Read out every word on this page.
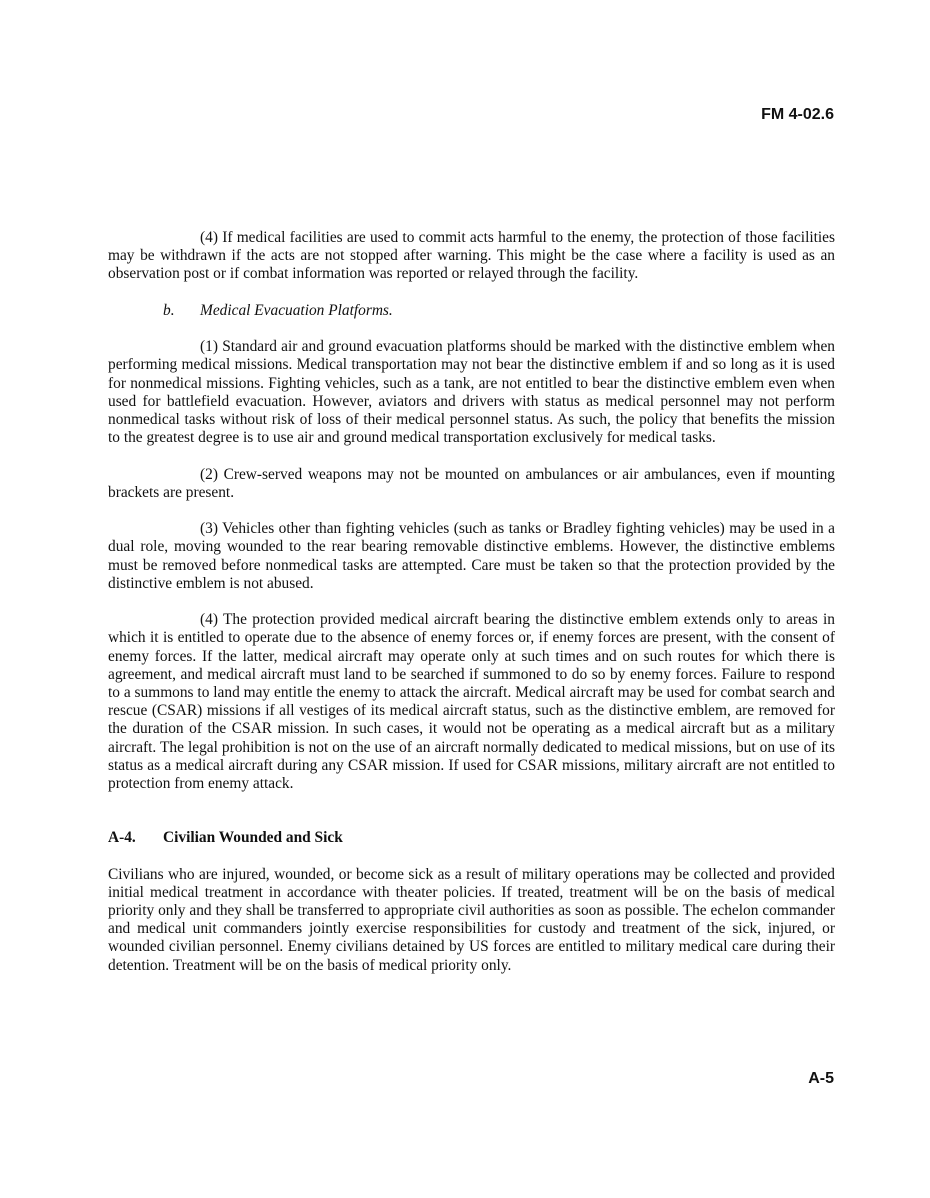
FM 4-02.6

(4) If medical facilities are used to commit acts harmful to the enemy, the protection of those facilities may be withdrawn if the acts are not stopped after warning. This might be the case where a facility is used as an observation post or if combat information was reported or relayed through the facility.

b. Medical Evacuation Platforms.

(1) Standard air and ground evacuation platforms should be marked with the distinctive emblem when performing medical missions. Medical transportation may not bear the distinctive emblem if and so long as it is used for nonmedical missions. Fighting vehicles, such as a tank, are not entitled to bear the distinctive emblem even when used for battlefield evacuation. However, aviators and drivers with status as medical personnel may not perform nonmedical tasks without risk of loss of their medical personnel status. As such, the policy that benefits the mission to the greatest degree is to use air and ground medical transportation exclusively for medical tasks.

(2) Crew-served weapons may not be mounted on ambulances or air ambulances, even if mounting brackets are present.

(3) Vehicles other than fighting vehicles (such as tanks or Bradley fighting vehicles) may be used in a dual role, moving wounded to the rear bearing removable distinctive emblems. However, the distinctive emblems must be removed before nonmedical tasks are attempted. Care must be taken so that the protection provided by the distinctive emblem is not abused.

(4) The protection provided medical aircraft bearing the distinctive emblem extends only to areas in which it is entitled to operate due to the absence of enemy forces or, if enemy forces are present, with the consent of enemy forces. If the latter, medical aircraft may operate only at such times and on such routes for which there is agreement, and medical aircraft must land to be searched if summoned to do so by enemy forces. Failure to respond to a summons to land may entitle the enemy to attack the aircraft. Medical aircraft may be used for combat search and rescue (CSAR) missions if all vestiges of its medical aircraft status, such as the distinctive emblem, are removed for the duration of the CSAR mission. In such cases, it would not be operating as a medical aircraft but as a military aircraft. The legal prohibition is not on the use of an aircraft normally dedicated to medical missions, but on use of its status as a medical aircraft during any CSAR mission. If used for CSAR missions, military aircraft are not entitled to protection from enemy attack.

A-4. Civilian Wounded and Sick

Civilians who are injured, wounded, or become sick as a result of military operations may be collected and provided initial medical treatment in accordance with theater policies. If treated, treatment will be on the basis of medical priority only and they shall be transferred to appropriate civil authorities as soon as possible. The echelon commander and medical unit commanders jointly exercise responsibilities for custody and treatment of the sick, injured, or wounded civilian personnel. Enemy civilians detained by US forces are entitled to military medical care during their detention. Treatment will be on the basis of medical priority only.

A-5
